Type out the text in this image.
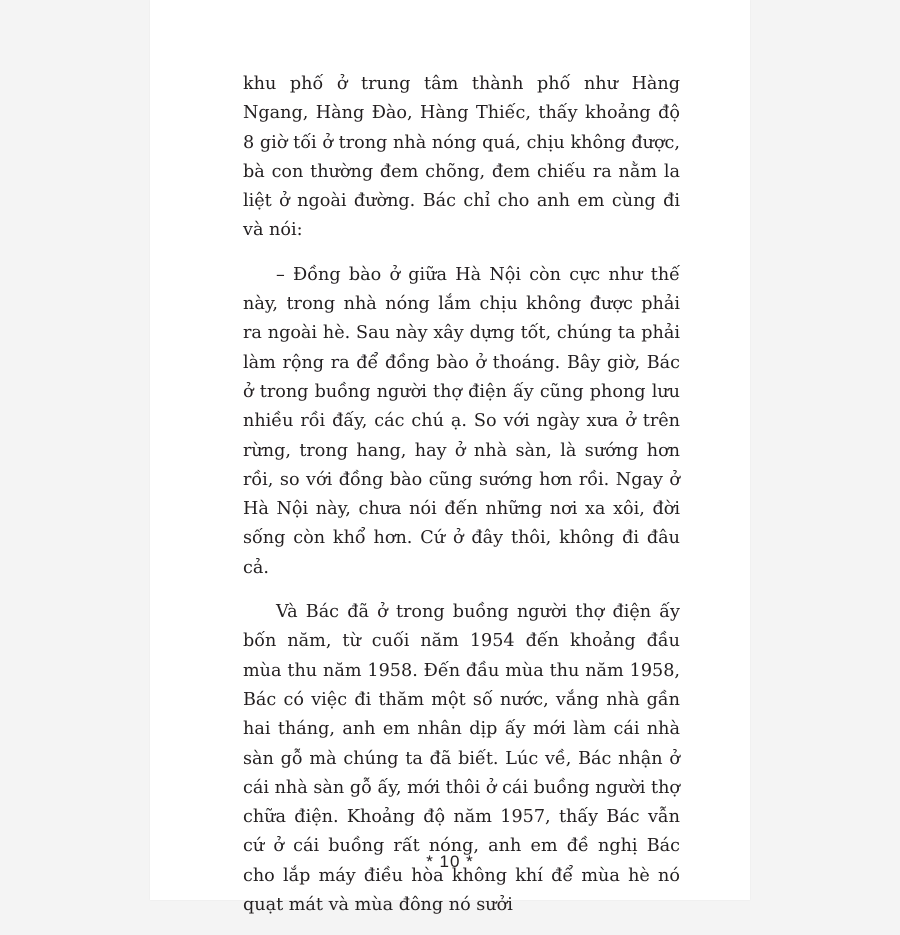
khu phố ở trung tâm thành phố như Hàng Ngang, Hàng Đào, Hàng Thiếc, thấy khoảng độ 8 giờ tối ở trong nhà nóng quá, chịu không được, bà con thường đem chõng, đem chiếu ra nằm la liệt ở ngoài đường. Bác chỉ cho anh em cùng đi và nói:

– Đồng bào ở giữa Hà Nội còn cực như thế này, trong nhà nóng lắm chịu không được phải ra ngoài hè. Sau này xây dựng tốt, chúng ta phải làm rộng ra để đồng bào ở thoáng. Bây giờ, Bác ở trong buồng người thợ điện ấy cũng phong lưu nhiều rồi đấy, các chú ạ. So với ngày xưa ở trên rừng, trong hang, hay ở nhà sàn, là sướng hơn rồi, so với đồng bào cũng sướng hơn rồi. Ngay ở Hà Nội này, chưa nói đến những nơi xa xôi, đời sống còn khổ hơn. Cứ ở đây thôi, không đi đâu cả.

Và Bác đã ở trong buồng người thợ điện ấy bốn năm, từ cuối năm 1954 đến khoảng đầu mùa thu năm 1958. Đến đầu mùa thu năm 1958, Bác có việc đi thăm một số nước, vắng nhà gần hai tháng, anh em nhân dịp ấy mới làm cái nhà sàn gỗ mà chúng ta đã biết. Lúc về, Bác nhận ở cái nhà sàn gỗ ấy, mới thôi ở cái buồng người thợ chữa điện. Khoảng độ năm 1957, thấy Bác vẫn cứ ở cái buồng rất nóng, anh em đề nghị Bác cho lắp máy điều hòa không khí để mùa hè nó quạt mát và mùa đông nó sưởi

* 10 *
